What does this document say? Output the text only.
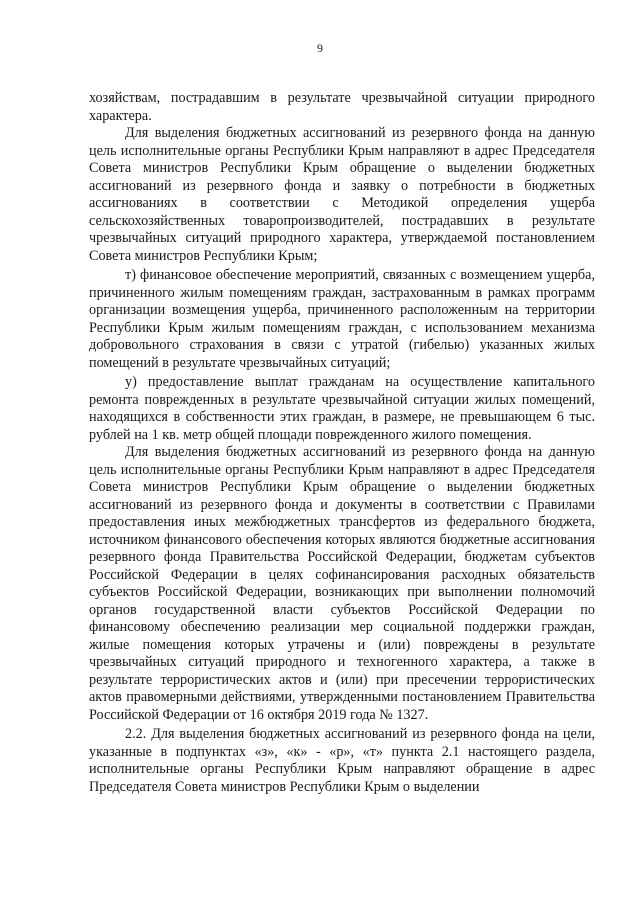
9

хозяйствам, пострадавшим в результате чрезвычайной ситуации природного характера.

Для выделения бюджетных ассигнований из резервного фонда на данную цель исполнительные органы Республики Крым направляют в адрес Председателя Совета министров Республики Крым обращение о выделении бюджетных ассигнований из резервного фонда и заявку о потребности в бюджетных ассигнованиях в соответствии с Методикой определения ущерба сельскохозяйственных товаропроизводителей, пострадавших в результате чрезвычайных ситуаций природного характера, утверждаемой постановлением Совета министров Республики Крым;

т) финансовое обеспечение мероприятий, связанных с возмещением ущерба, причиненного жилым помещениям граждан, застрахованным в рамках программ организации возмещения ущерба, причиненного расположенным на территории Республики Крым жилым помещениям граждан, с использованием механизма добровольного страхования в связи с утратой (гибелью) указанных жилых помещений в результате чрезвычайных ситуаций;

у) предоставление выплат гражданам на осуществление капитального ремонта поврежденных в результате чрезвычайной ситуации жилых помещений, находящихся в собственности этих граждан, в размере, не превышающем 6 тыс. рублей на 1 кв. метр общей площади поврежденного жилого помещения.

Для выделения бюджетных ассигнований из резервного фонда на данную цель исполнительные органы Республики Крым направляют в адрес Председателя Совета министров Республики Крым обращение о выделении бюджетных ассигнований из резервного фонда и документы в соответствии с Правилами предоставления иных межбюджетных трансфертов из федерального бюджета, источником финансового обеспечения которых являются бюджетные ассигнования резервного фонда Правительства Российской Федерации, бюджетам субъектов Российской Федерации в целях софинансирования расходных обязательств субъектов Российской Федерации, возникающих при выполнении полномочий органов государственной власти субъектов Российской Федерации по финансовому обеспечению реализации мер социальной поддержки граждан, жилые помещения которых утрачены и (или) повреждены в результате чрезвычайных ситуаций природного и техногенного характера, а также в результате террористических актов и (или) при пресечении террористических актов правомерными действиями, утвержденными постановлением Правительства Российской Федерации от 16 октября 2019 года № 1327.

2.2. Для выделения бюджетных ассигнований из резервного фонда на цели, указанные в подпунктах «з», «к» - «р», «т» пункта 2.1 настоящего раздела, исполнительные органы Республики Крым направляют обращение в адрес Председателя Совета министров Республики Крым о выделении
